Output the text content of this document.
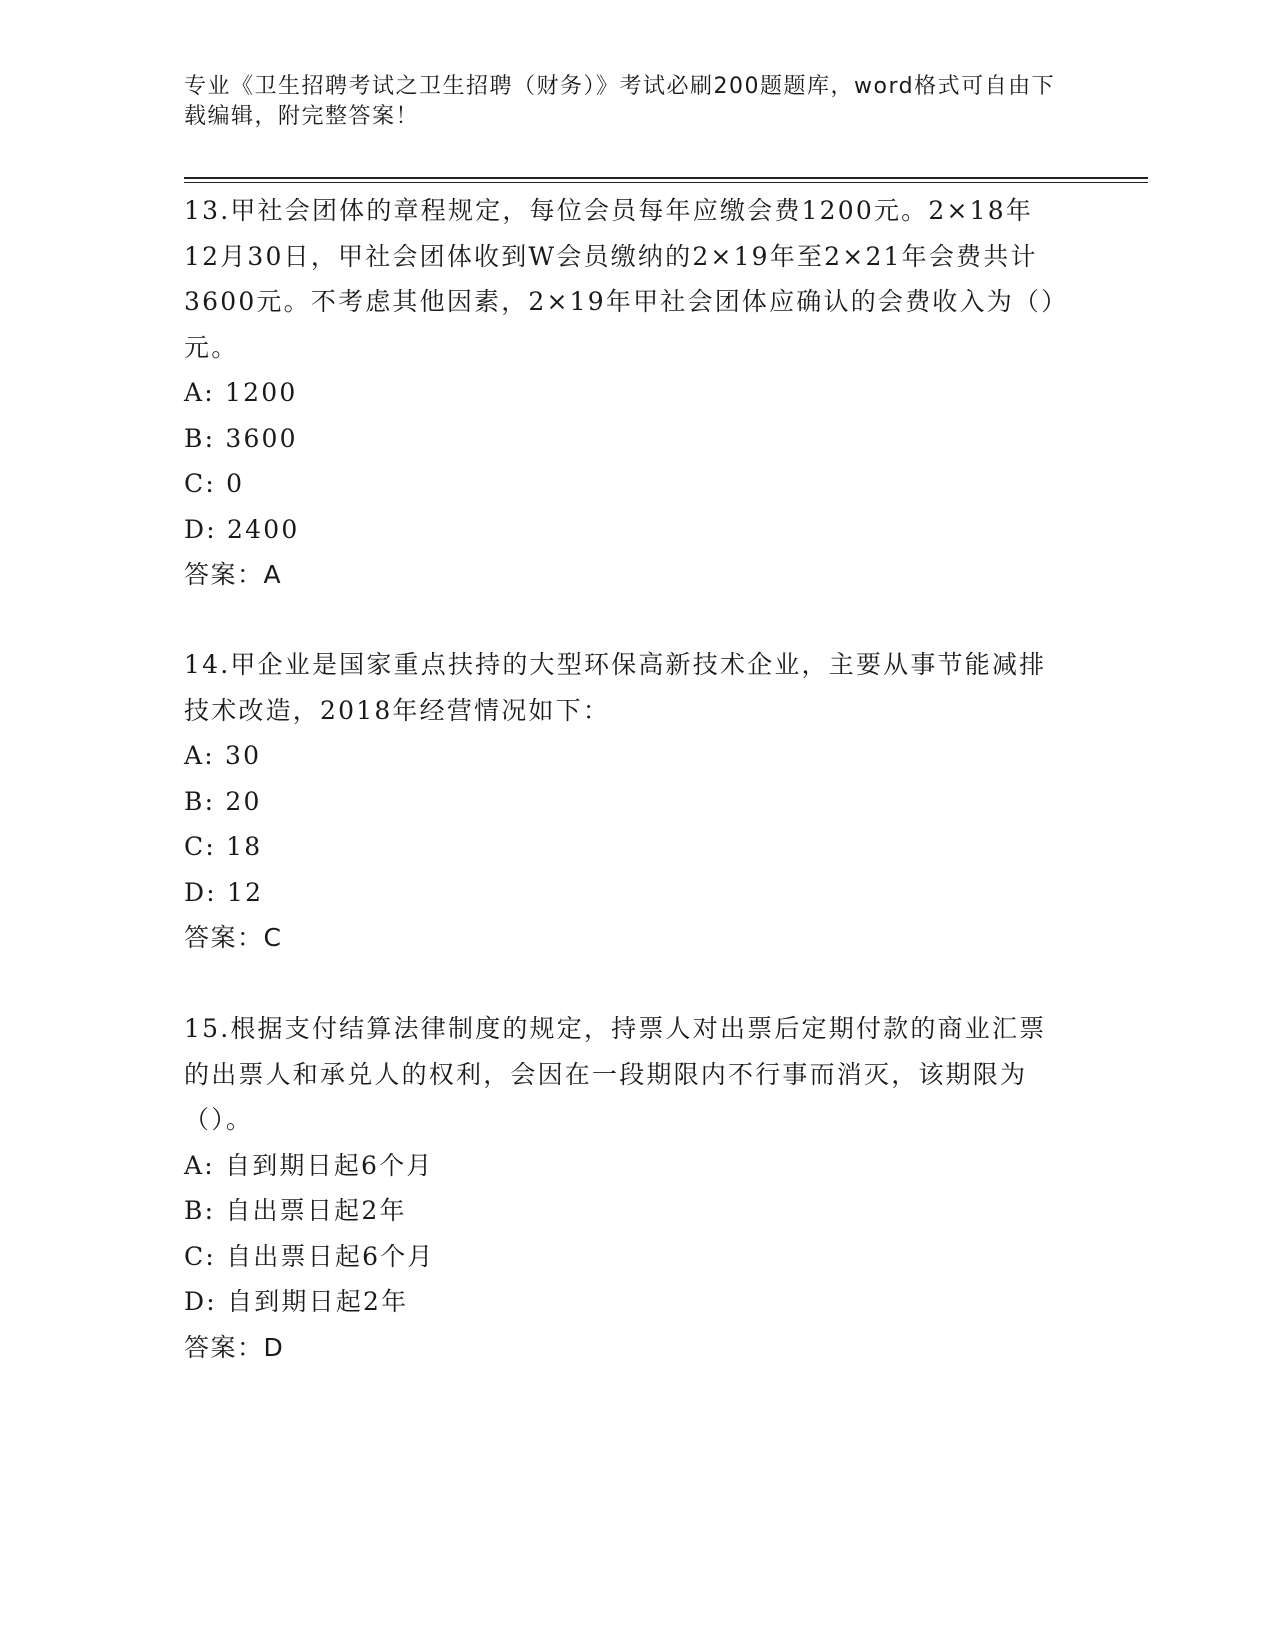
专业《卫生招聘考试之卫生招聘（财务）》考试必刷200题题库，word格式可自由下载编辑，附完整答案！

13.甲社会团体的章程规定，每位会员每年应缴会费1200元。2×18年12月30日，甲社会团体收到W会员缴纳的2×19年至2×21年会费共计3600元。不考虑其他因素，2×19年甲社会团体应确认的会费收入为（）元。

A: 1200

B: 3600

C: 0

D: 2400

答案：A

14.甲企业是国家重点扶持的大型环保高新技术企业，主要从事节能减排技术改造，2018年经营情况如下：

A: 30

B: 20

C: 18

D: 12

答案：C

15.根据支付结算法律制度的规定，持票人对出票后定期付款的商业汇票的出票人和承兑人的权利，会因在一段期限内不行事而消灭，该期限为（）。

A: 自到期日起6个月

B: 自出票日起2年

C: 自出票日起6个月

D: 自到期日起2年

答案：D
